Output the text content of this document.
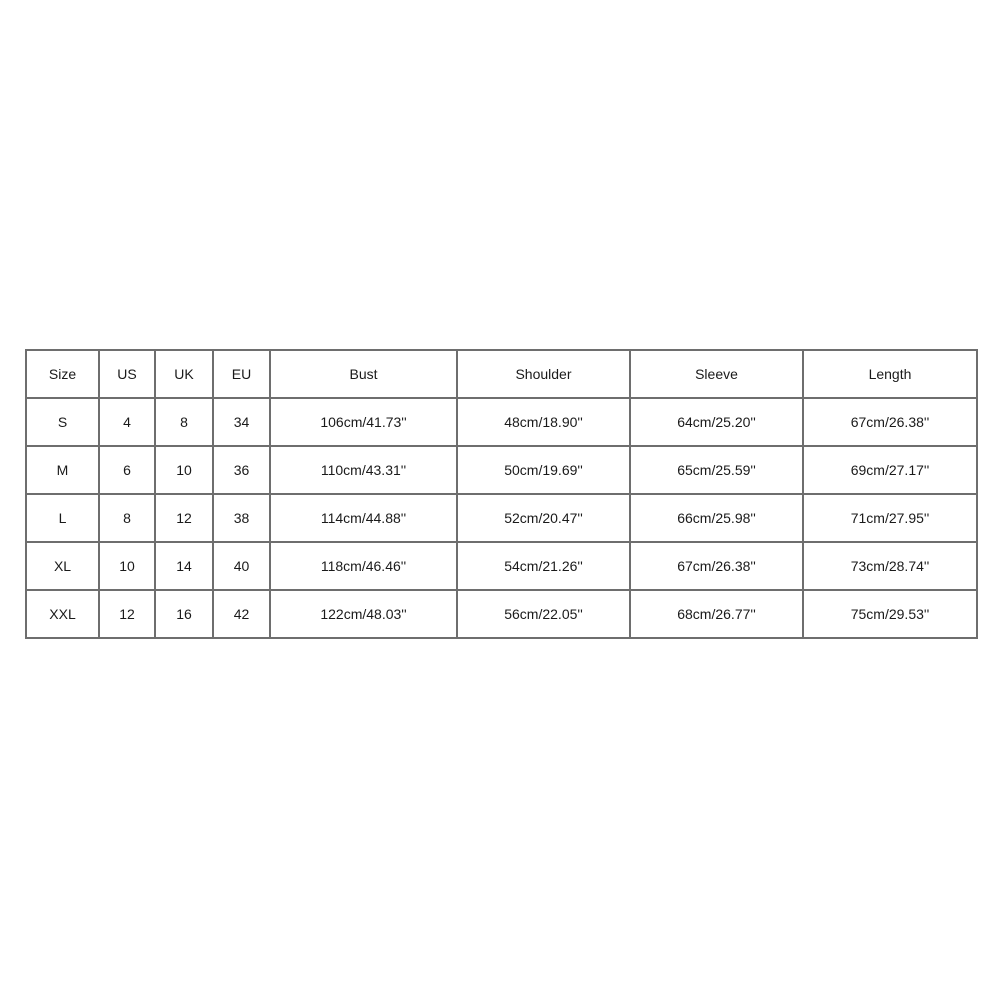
Size	US	UK	EU	Bust	Shoulder	Sleeve	Length
S	4	8	34	106cm/41.73''	48cm/18.90''	64cm/25.20''	67cm/26.38''
M	6	10	36	110cm/43.31''	50cm/19.69''	65cm/25.59''	69cm/27.17''
L	8	12	38	114cm/44.88''	52cm/20.47''	66cm/25.98''	71cm/27.95''
XL	10	14	40	118cm/46.46''	54cm/21.26''	67cm/26.38''	73cm/28.74''
XXL	12	16	42	122cm/48.03''	56cm/22.05''	68cm/26.77''	75cm/29.53''
